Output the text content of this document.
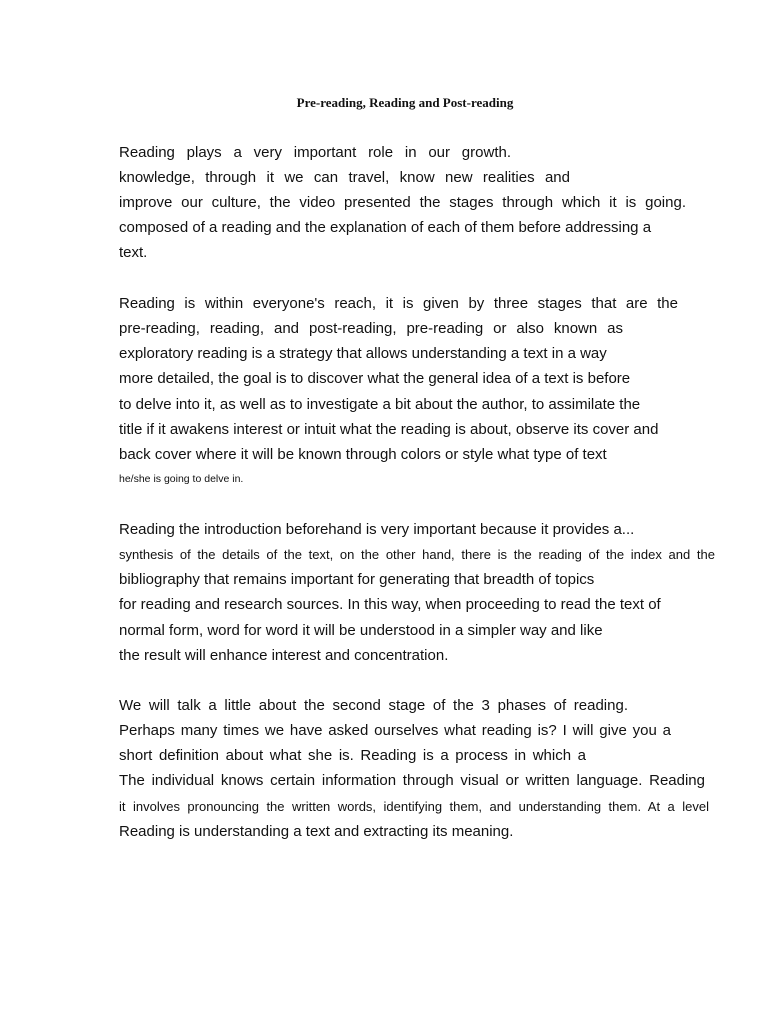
Pre-reading, Reading and Post-reading
Reading plays a very important role in our growth.
knowledge, through it we can travel, know new realities and
improve our culture, the video presented the stages through which it is going.
composed of a reading and the explanation of each of them before addressing a
text.
Reading is within everyone's reach, it is given by three stages that are the
pre-reading, reading, and post-reading, pre-reading or also known as
exploratory reading is a strategy that allows understanding a text in a way
more detailed, the goal is to discover what the general idea of a text is before
to delve into it, as well as to investigate a bit about the author, to assimilate the
title if it awakens interest or intuit what the reading is about, observe its cover and
back cover where it will be known through colors or style what type of text
he/she is going to delve in.
Reading the introduction beforehand is very important because it provides a...
synthesis of the details of the text, on the other hand, there is the reading of the index and the
bibliography that remains important for generating that breadth of topics
for reading and research sources. In this way, when proceeding to read the text of
normal form, word for word it will be understood in a simpler way and like
the result will enhance interest and concentration.
We will talk a little about the second stage of the 3 phases of reading.
Perhaps many times we have asked ourselves what reading is? I will give you a
short definition about what she is. Reading is a process in which a
The individual knows certain information through visual or written language. Reading
it involves pronouncing the written words, identifying them, and understanding them. At a level
Reading is understanding a text and extracting its meaning.
